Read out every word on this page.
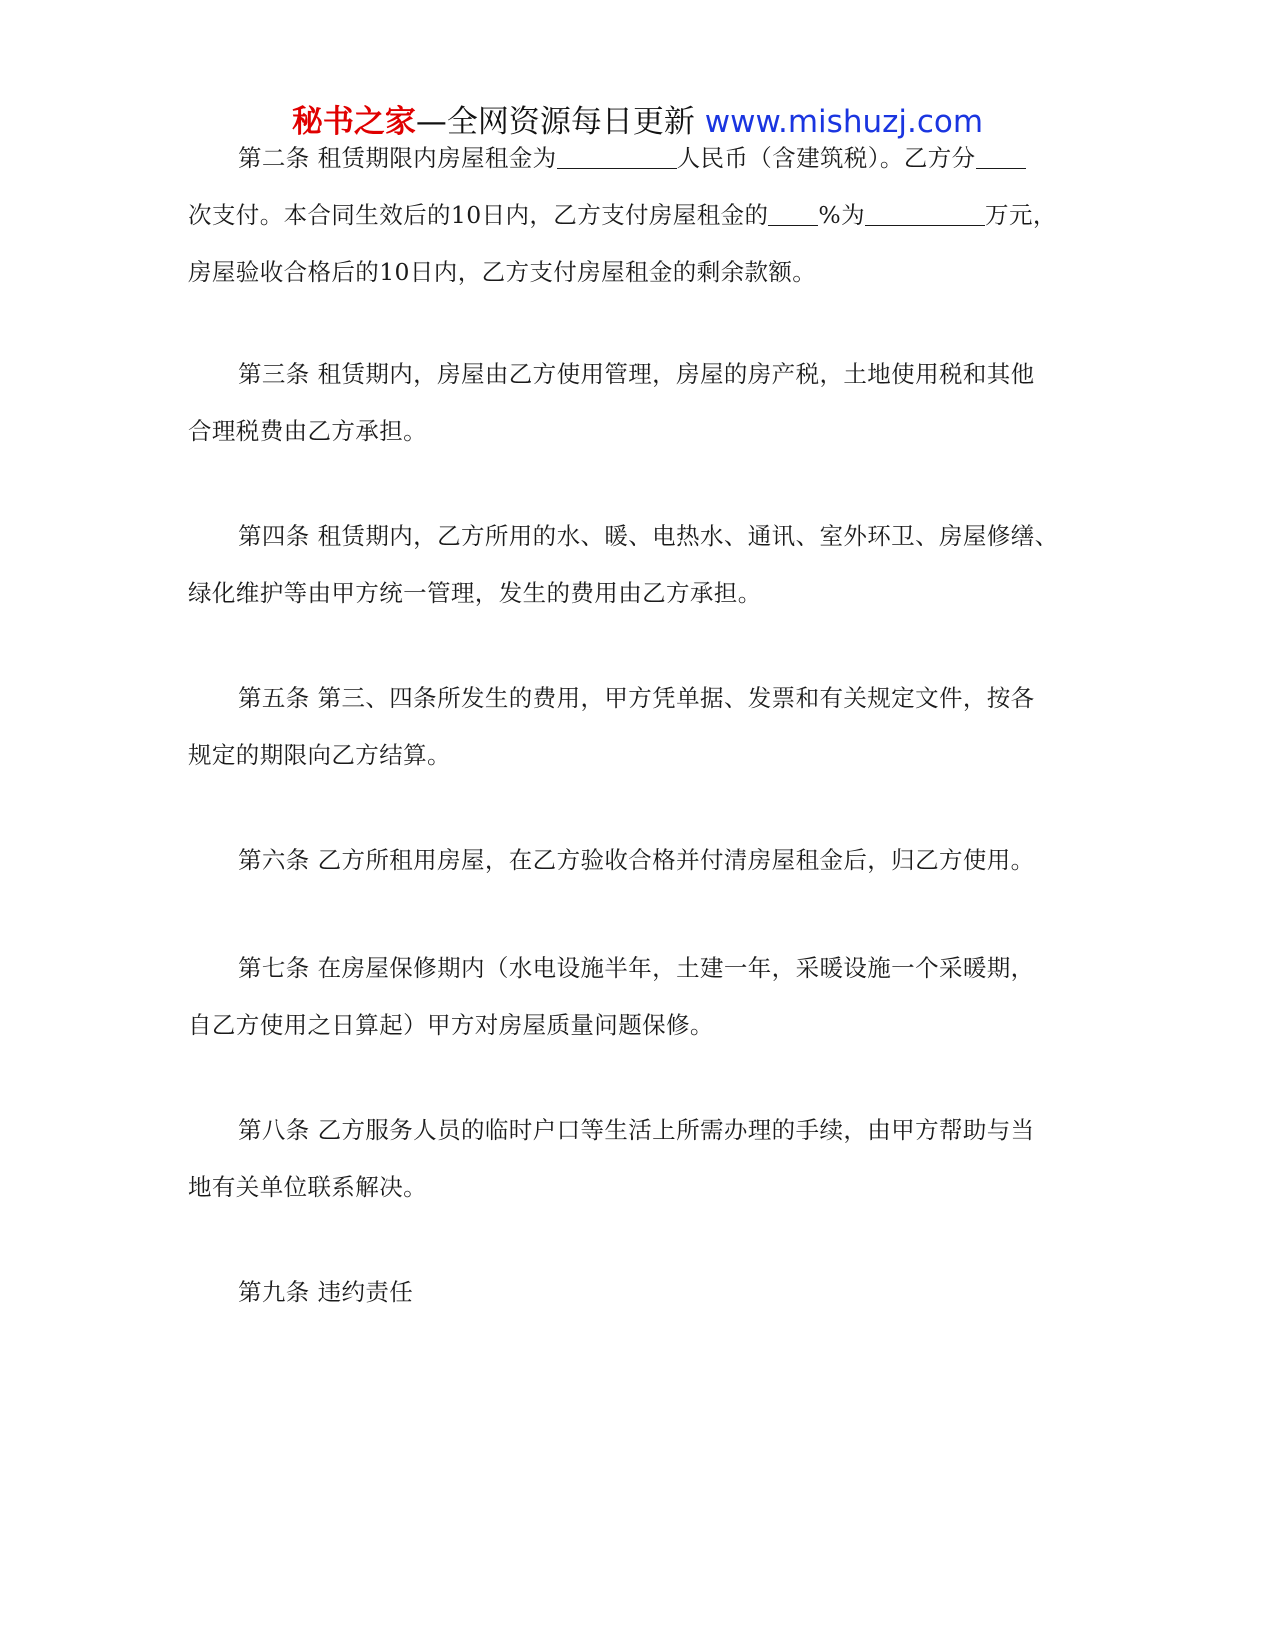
秘书之家—全网资源每日更新 www.mishuzj.com
第二条 租赁期限内房屋租金为	人民币（含建筑税）。乙方分
次支付。本合同生效后的10日内，乙方支付房屋租金的 %为	万元，
房屋验收合格后的10日内，乙方支付房屋租金的剩余款额。
第三条 租赁期内，房屋由乙方使用管理，房屋的房产税，土地使用税和其他
合理税费由乙方承担。
第四条 租赁期内，乙方所用的水、暖、电热水、通讯、室外环卫、房屋修缮、
绿化维护等由甲方统一管理，发生的费用由乙方承担。
第五条 第三、四条所发生的费用，甲方凭单据、发票和有关规定文件，按各
规定的期限向乙方结算。
第六条 乙方所租用房屋，在乙方验收合格并付清房屋租金后，归乙方使用。
第七条 在房屋保修期内（水电设施半年，土建一年，采暖设施一个采暖期，
自乙方使用之日算起）甲方对房屋质量问题保修。
第八条 乙方服务人员的临时户口等生活上所需办理的手续，由甲方帮助与当
地有关单位联系解决。
第九条 违约责任
